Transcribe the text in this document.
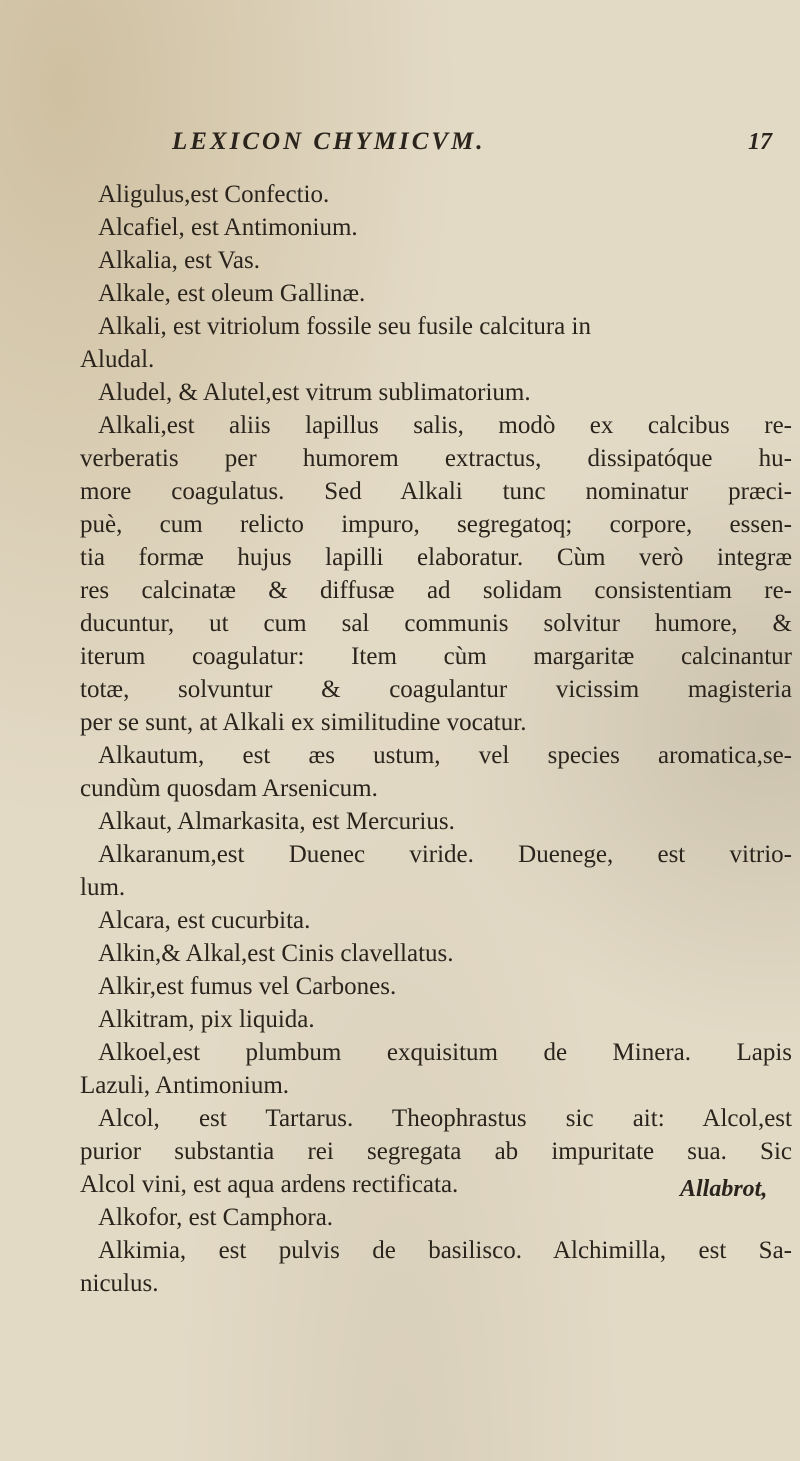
LEXICON CHYMICVM.	17
Aligulus,est Confectio.
Alcafiel, est Antimonium.
Alkalia, est Vas.
Alkale, est oleum Gallinæ.
Alkali, est vitriolum fossile seu fusile calcitura in
Aludal.
Aludel, & Alutel,est vitrum sublimatorium.
Alkali,est aliis lapillus salis, modò ex calcibus re-
verberatis per humorem extractus, dissipatóque hu-
more coagulatus. Sed Alkali tunc nominatur præci-
puè, cum relicto impuro, segregatoq; corpore, essen-
tia formæ hujus lapilli elaboratur. Cùm verò integræ
res calcinatæ & diffusæ ad solidam consistentiam re-
ducuntur, ut cum sal communis solvitur humore, &
iterum coagulatur: Item cùm margaritæ calcinantur
totæ, solvuntur & coagulantur vicissim magisteria
per se sunt, at Alkali ex similitudine vocatur.
Alkautum, est æs ustum, vel species aromatica,se-
cundùm quosdam Arsenicum.
Alkaut, Almarkasita, est Mercurius.
Alkaranum,est Duenec viride. Duenege, est vitrio-
lum.
Alcara, est cucurbita.
Alkin,& Alkal,est Cinis clavellatus.
Alkir,est fumus vel Carbones.
Alkitram, pix liquida.
Alkoel,est plumbum exquisitum de Minera. Lapis
Lazuli, Antimonium.
Alcol, est Tartarus. Theophrastus sic ait: Alcol,est
purior substantia rei segregata ab impuritate sua. Sic
Alcol vini, est aqua ardens rectificata.
Alkofor, est Camphora.
Alkimia, est pulvis de basilisco. Alchimilla, est Sa-
niculus.
Allabrot,
